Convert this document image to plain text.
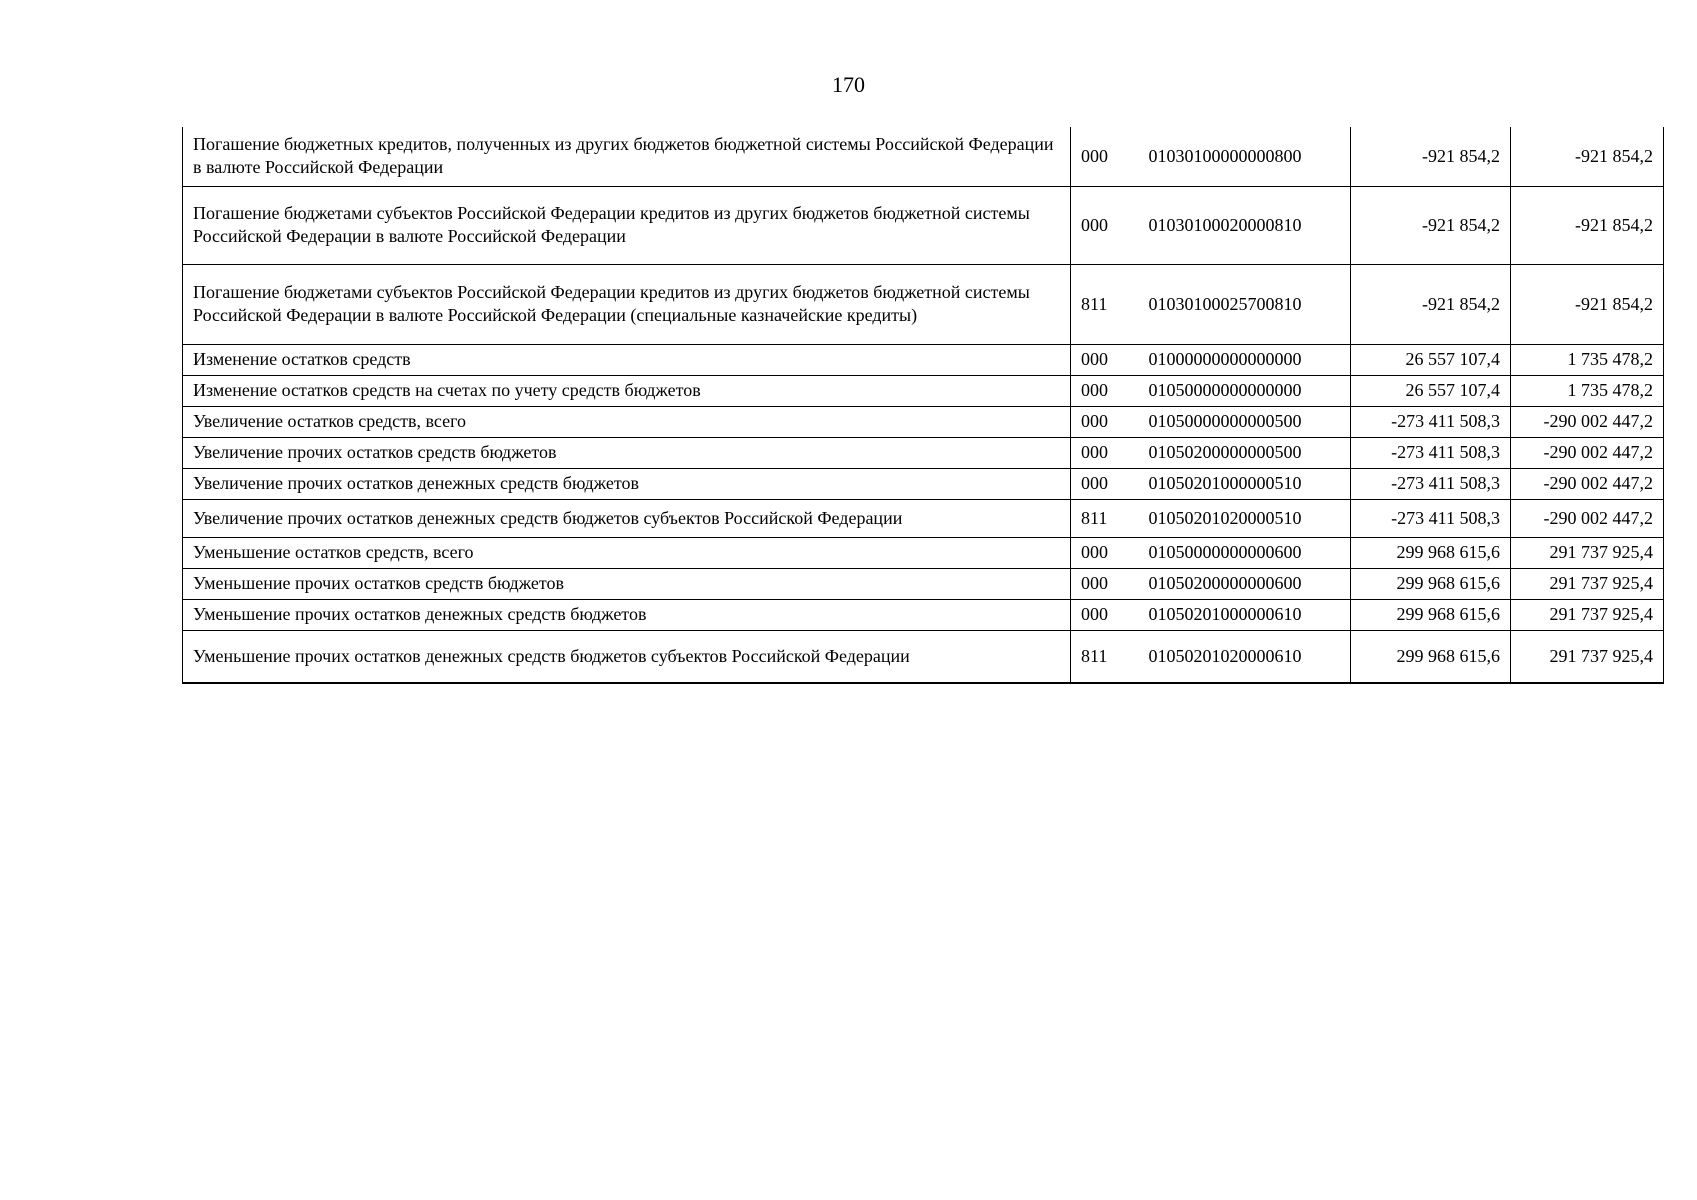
170
Погашение бюджетных кредитов, полученных из других бюджетов бюджетной системы Российской Федерации в валюте Российской Федерации	000	01030100000000800	-921 854,2	-921 854,2
Погашение бюджетами субъектов Российской Федерации кредитов из других бюджетов бюджетной системы Российской Федерации в валюте Российской Федерации	000	01030100020000810	-921 854,2	-921 854,2
Погашение бюджетами субъектов Российской Федерации кредитов из других бюджетов бюджетной системы Российской Федерации в валюте Российской Федерации (специальные казначейские кредиты)	811	01030100025700810	-921 854,2	-921 854,2
Изменение остатков средств	000	01000000000000000	26 557 107,4	1 735 478,2
Изменение остатков средств на счетах по учету средств бюджетов	000	01050000000000000	26 557 107,4	1 735 478,2
Увеличение остатков средств, всего	000	01050000000000500	-273 411 508,3	-290 002 447,2
Увеличение прочих остатков средств бюджетов	000	01050200000000500	-273 411 508,3	-290 002 447,2
Увеличение прочих остатков денежных средств бюджетов	000	01050201000000510	-273 411 508,3	-290 002 447,2
Увеличение прочих остатков денежных средств бюджетов субъектов Российской Федерации	811	01050201020000510	-273 411 508,3	-290 002 447,2
Уменьшение остатков средств, всего	000	01050000000000600	299 968 615,6	291 737 925,4
Уменьшение прочих остатков средств бюджетов	000	01050200000000600	299 968 615,6	291 737 925,4
Уменьшение прочих остатков денежных средств бюджетов	000	01050201000000610	299 968 615,6	291 737 925,4
Уменьшение прочих остатков денежных средств бюджетов субъектов Российской Федерации	811	01050201020000610	299 968 615,6	291 737 925,4
